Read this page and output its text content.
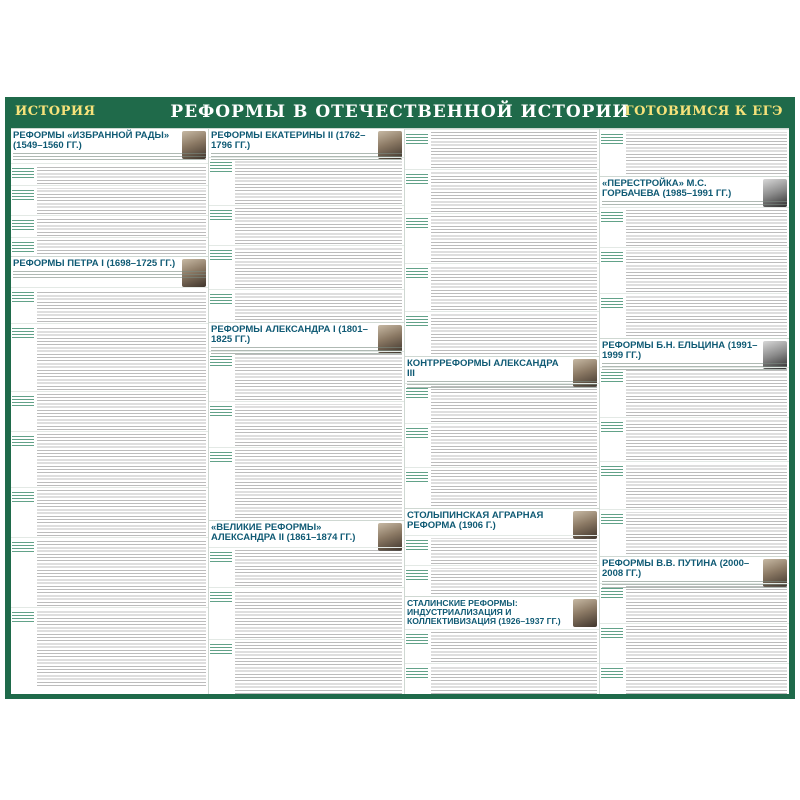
ИСТОРИЯ	РЕФОРМЫ В ОТЕЧЕСТВЕННОЙ ИСТОРИИ
ГОТОВИМСЯ К ЕГЭ
РЕФОРМЫ «ИЗБРАННОЙ РАДЫ» (1549–1560 ГГ.)
РЕФОРМЫ ПЕТРА I (1698–1725 ГГ.)
РЕФОРМЫ ЕКАТЕРИНЫ II (1762–1796 ГГ.)
РЕФОРМЫ АЛЕКСАНДРА I (1801–1825 ГГ.)
«ВЕЛИКИЕ РЕФОРМЫ» АЛЕКСАНДРА II (1861–1874 ГГ.)
КОНТРРЕФОРМЫ АЛЕКСАНДРА III
СТОЛЫПИНСКАЯ АГРАРНАЯ РЕФОРМА (1906 Г.)
СТАЛИНСКИЕ РЕФОРМЫ: ИНДУСТРИАЛИЗАЦИЯ И КОЛЛЕКТИВИЗАЦИЯ (1926–1937 ГГ.)
«ПЕРЕСТРОЙКА» М.С. ГОРБАЧЕВА (1985–1991 ГГ.)
РЕФОРМЫ Б.Н. ЕЛЬЦИНА (1991–1999 ГГ.)
РЕФОРМЫ В.В. ПУТИНА (2000–2008 ГГ.)
